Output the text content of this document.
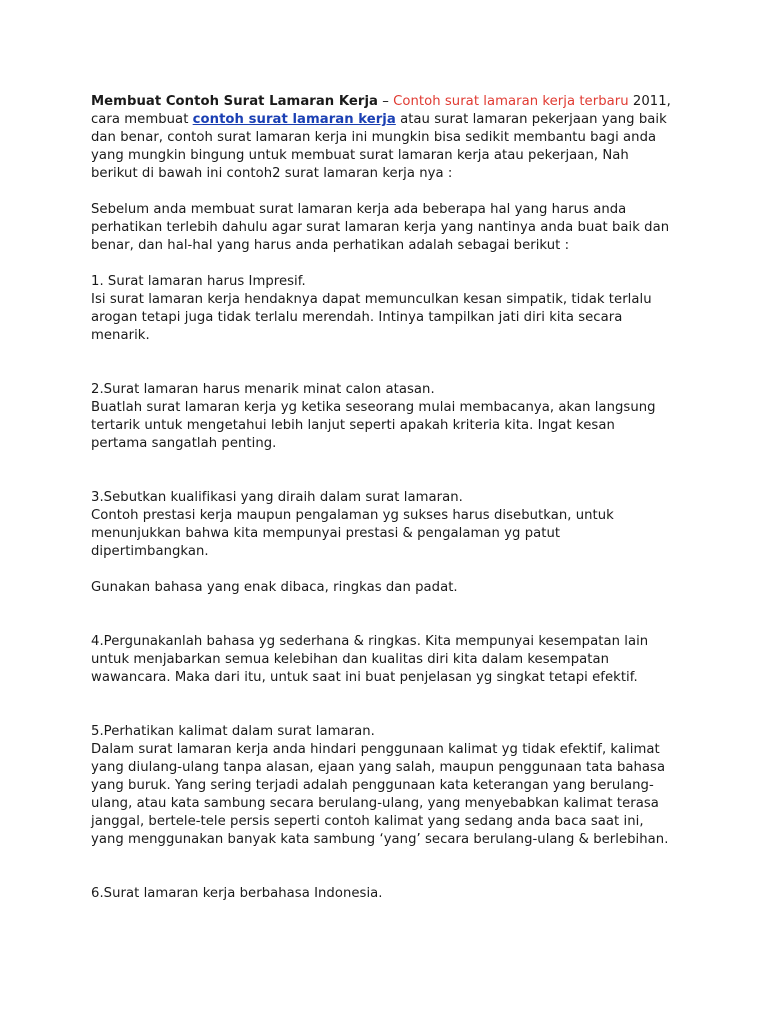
Membuat Contoh Surat Lamaran Kerja – Contoh surat lamaran kerja terbaru 2011,
cara membuat contoh surat lamaran kerja atau surat lamaran pekerjaan yang baik
dan benar, contoh surat lamaran kerja ini mungkin bisa sedikit membantu bagi anda
yang mungkin bingung untuk membuat surat lamaran kerja atau pekerjaan, Nah
berikut di bawah ini contoh2 surat lamaran kerja nya :
Sebelum anda membuat surat lamaran kerja ada beberapa hal yang harus anda
perhatikan terlebih dahulu agar surat lamaran kerja yang nantinya anda buat baik dan
benar, dan hal-hal yang harus anda perhatikan adalah sebagai berikut :
1. Surat lamaran harus Impresif.
Isi surat lamaran kerja hendaknya dapat memunculkan kesan simpatik, tidak terlalu
arogan tetapi juga tidak terlalu merendah. Intinya tampilkan jati diri kita secara
menarik.
2.Surat lamaran harus menarik minat calon atasan.
Buatlah surat lamaran kerja yg ketika seseorang mulai membacanya, akan langsung
tertarik untuk mengetahui lebih lanjut seperti apakah kriteria kita. Ingat kesan
pertama sangatlah penting.
3.Sebutkan kualifikasi yang diraih dalam surat lamaran.
Contoh prestasi kerja maupun pengalaman yg sukses harus disebutkan, untuk
menunjukkan bahwa kita mempunyai prestasi & pengalaman yg patut
dipertimbangkan.
Gunakan bahasa yang enak dibaca, ringkas dan padat.
4.Pergunakanlah bahasa yg sederhana & ringkas. Kita mempunyai kesempatan lain
untuk menjabarkan semua kelebihan dan kualitas diri kita dalam kesempatan
wawancara. Maka dari itu, untuk saat ini buat penjelasan yg singkat tetapi efektif.
5.Perhatikan kalimat dalam surat lamaran.
Dalam surat lamaran kerja anda hindari penggunaan kalimat yg tidak efektif, kalimat
yang diulang-ulang tanpa alasan, ejaan yang salah, maupun penggunaan tata bahasa
yang buruk. Yang sering terjadi adalah penggunaan kata keterangan yang berulang-
ulang, atau kata sambung secara berulang-ulang, yang menyebabkan kalimat terasa
janggal, bertele-tele persis seperti contoh kalimat yang sedang anda baca saat ini,
yang menggunakan banyak kata sambung ‘yang’ secara berulang-ulang & berlebihan.
6.Surat lamaran kerja berbahasa Indonesia.
